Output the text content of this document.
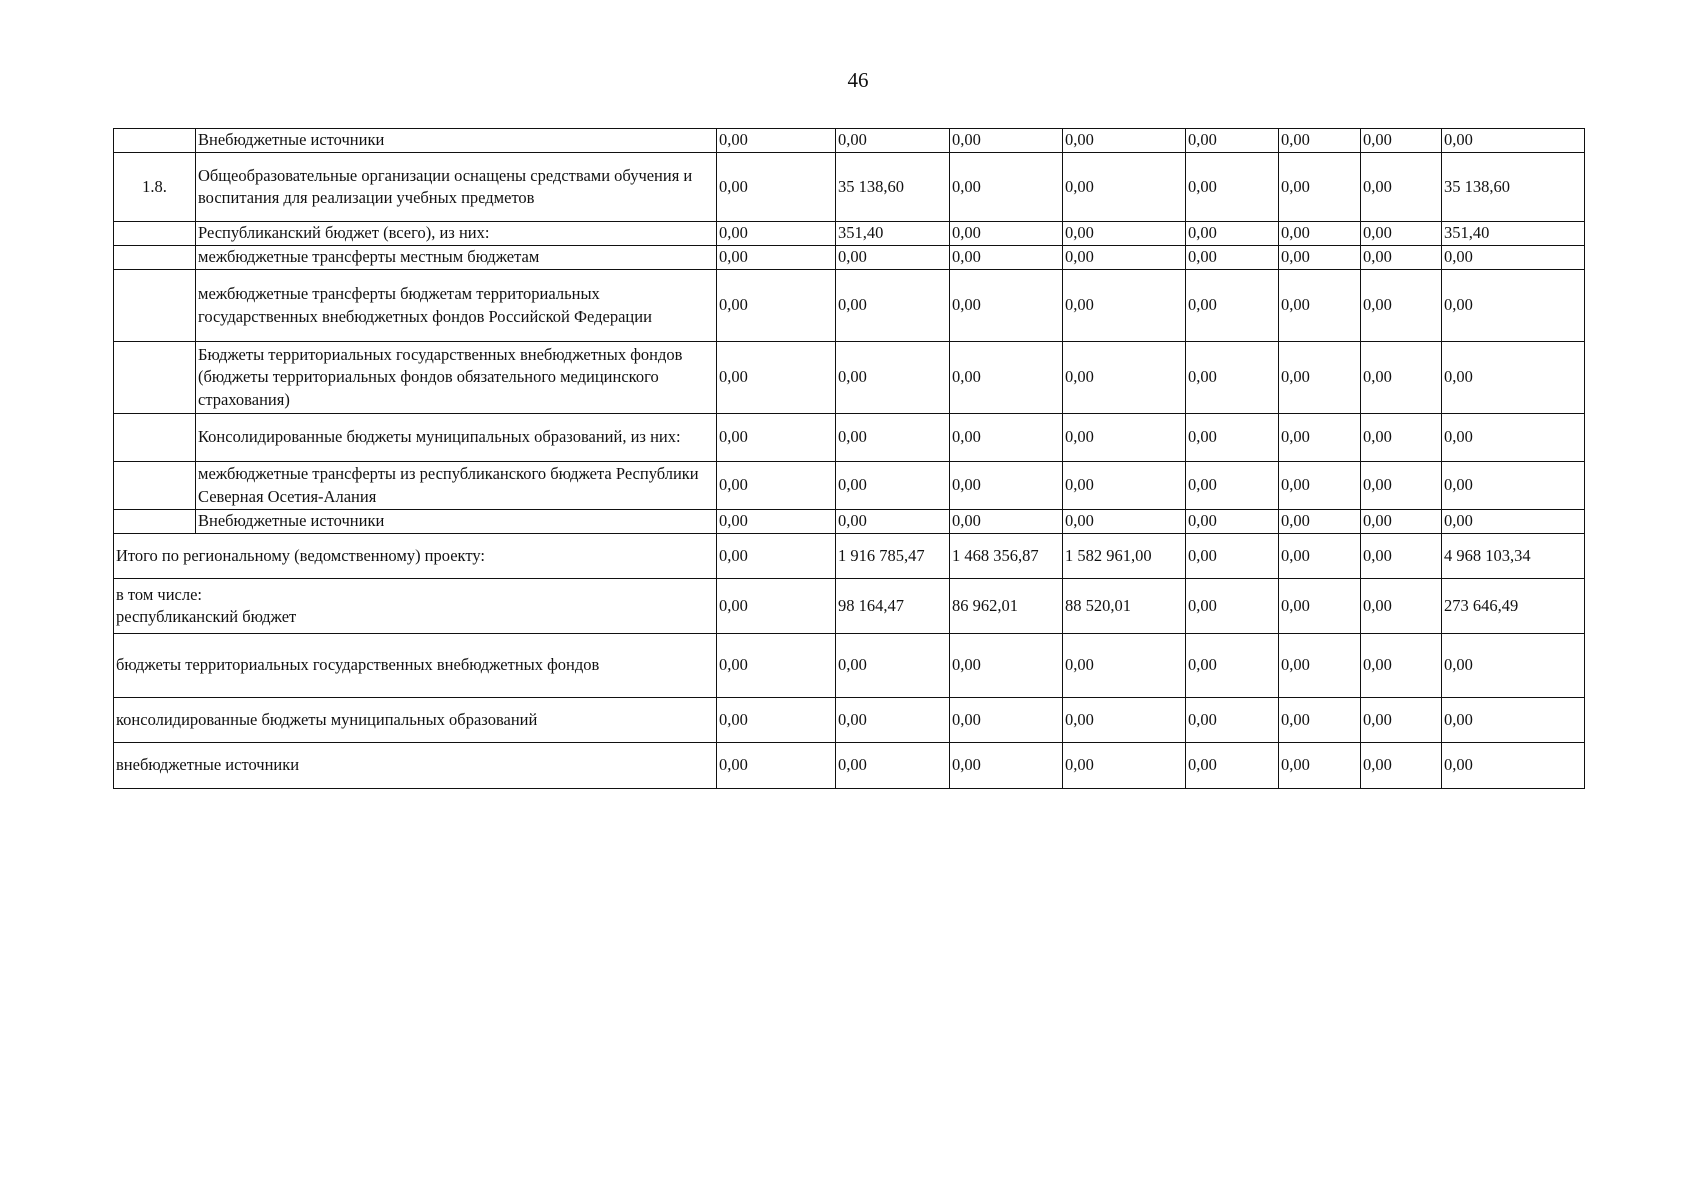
46
	Внебюджетные источники	0,00	0,00	0,00	0,00	0,00	0,00	0,00	0,00
1.8.	Общеобразовательные организации оснащены средствами обучения и воспитания для реализации учебных предметов	0,00	35 138,60	0,00	0,00	0,00	0,00	0,00	35 138,60
	Республиканский бюджет (всего), из них:	0,00	351,40	0,00	0,00	0,00	0,00	0,00	351,40
	межбюджетные трансферты местным бюджетам	0,00	0,00	0,00	0,00	0,00	0,00	0,00	0,00
	межбюджетные трансферты бюджетам территориальных государственных внебюджетных фондов Российской Федерации	0,00	0,00	0,00	0,00	0,00	0,00	0,00	0,00
	Бюджеты территориальных государственных внебюджетных фондов (бюджеты территориальных фондов обязательного медицинского страхования)	0,00	0,00	0,00	0,00	0,00	0,00	0,00	0,00
	Консолидированные бюджеты муниципальных образований, из них:	0,00	0,00	0,00	0,00	0,00	0,00	0,00	0,00
	межбюджетные трансферты из республиканского бюджета Республики Северная Осетия-Алания	0,00	0,00	0,00	0,00	0,00	0,00	0,00	0,00
	Внебюджетные источники	0,00	0,00	0,00	0,00	0,00	0,00	0,00	0,00
Итого по региональному (ведомственному) проекту:		0,00	1 916 785,47	1 468 356,87	1 582 961,00	0,00	0,00	0,00	4 968 103,34

в том числе:
республиканский бюджет		0,00	98 164,47	86 962,01	88 520,01	0,00	0,00	0,00	273 646,49
бюджеты территориальных государственных внебюджетных фондов		0,00	0,00	0,00	0,00	0,00	0,00	0,00	0,00
консолидированные бюджеты муниципальных образований		0,00	0,00	0,00	0,00	0,00	0,00	0,00	0,00
внебюджетные источники		0,00	0,00	0,00	0,00	0,00	0,00	0,00	0,00
